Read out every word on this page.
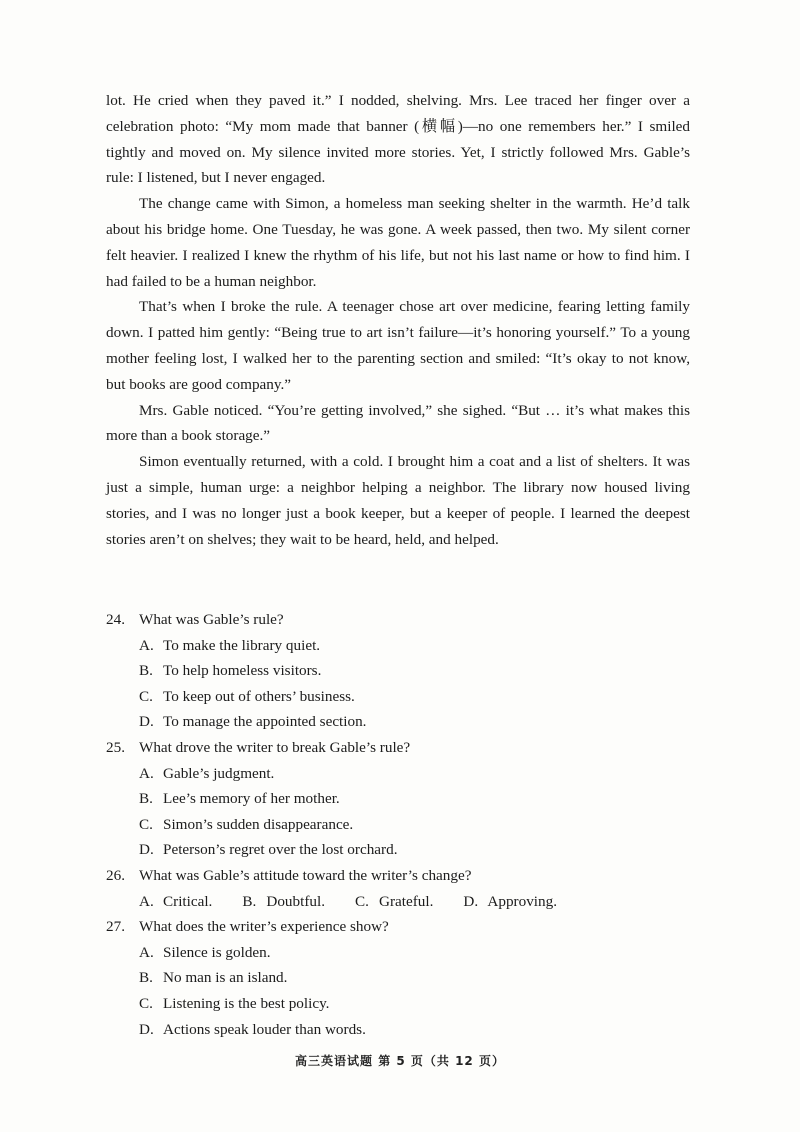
lot. He cried when they paved it.” I nodded, shelving. Mrs. Lee traced her finger over a celebration photo: “My mom made that banner (横幅)—no one remembers her.” I smiled tightly and moved on. My silence invited more stories. Yet, I strictly followed Mrs. Gable’s rule: I listened, but I never engaged.

The change came with Simon, a homeless man seeking shelter in the warmth. He’d talk about his bridge home. One Tuesday, he was gone. A week passed, then two. My silent corner felt heavier. I realized I knew the rhythm of his life, but not his last name or how to find him. I had failed to be a human neighbor.

That’s when I broke the rule. A teenager chose art over medicine, fearing letting family down. I patted him gently: “Being true to art isn’t failure—it’s honoring yourself.” To a young mother feeling lost, I walked her to the parenting section and smiled: “It’s okay to not know, but books are good company.”

Mrs. Gable noticed. “You’re getting involved,” she sighed. “But … it’s what makes this more than a book storage.”

Simon eventually returned, with a cold. I brought him a coat and a list of shelters. It was just a simple, human urge: a neighbor helping a neighbor. The library now housed living stories, and I was no longer just a book keeper, but a keeper of people. I learned the deepest stories aren’t on shelves; they wait to be heard, held, and helped.

24. What was Gable’s rule?
A. To make the library quiet.
B. To help homeless visitors.
C. To keep out of others’ business.
D. To manage the appointed section.
25. What drove the writer to break Gable’s rule?
A. Gable’s judgment.
B. Lee’s memory of her mother.
C. Simon’s sudden disappearance.
D. Peterson’s regret over the lost orchard.
26. What was Gable’s attitude toward the writer’s change?
A. Critical. B. Doubtful. C. Grateful. D. Approving.
27. What does the writer’s experience show?
A. Silence is golden.
B. No man is an island.
C. Listening is the best policy.
D. Actions speak louder than words.
高三英语试题 第 5 页（共 12 页）
